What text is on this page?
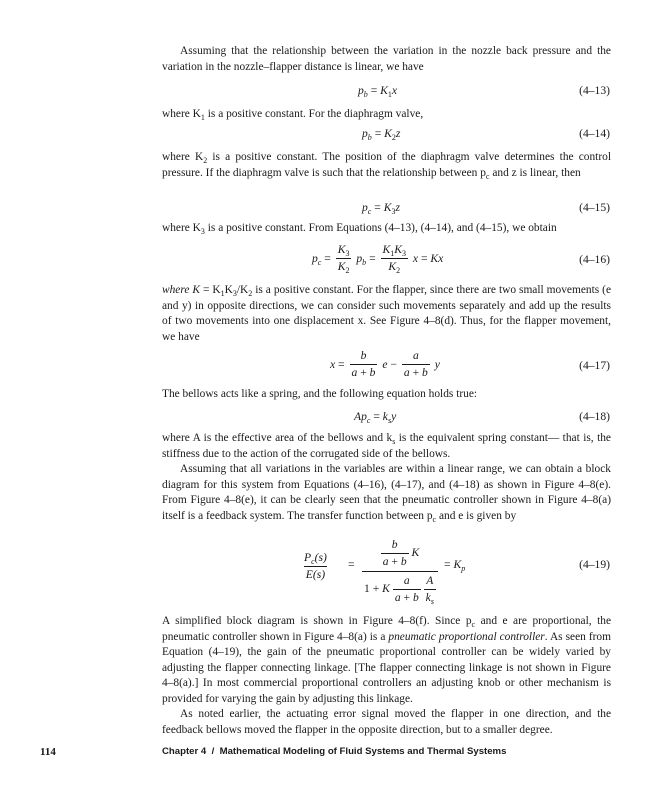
Assuming that the relationship between the variation in the nozzle back pressure and the variation in the nozzle–flapper distance is linear, we have
$p_b = K_1x$	(4–13)
where $K_1$ is a positive constant. For the diaphragm valve,
$p_b = K_2z$	(4–14)
where $K_2$ is a positive constant. The position of the diaphragm valve determines the control pressure. If the diaphragm valve is such that the relationship between $p_c$ and z is linear, then
$p_c = K_3z$	(4–15)
where $K_3$ is a positive constant. From Equations (4–13), (4–14), and (4–15), we obtain
$p_c = \frac{K_3}{K_2} p_b = \frac{K_1K_3}{K_2}$ x = Kx	(4–16)
where $K = K_1K_3/K_2$ is a positive constant. For the flapper, since there are two small movements (e and y) in opposite directions, we can consider such movements separately and add up the results of two movements into one displacement x. See Figure 4–8(d). Thus, for the flapper movement, we have
$x = \frac{b}{a + b}$ $e - \frac{a}{a + b}$ y	(4–17)
The bellows acts like a spring, and the following equation holds true:
$Ap_c = k_sy$	(4–18)
where A is the effective area of the bellows and $k_s$ is the equivalent spring constant— that is, the stiffness due to the action of the corrugated side of the bellows.
Assuming that all variations in the variables are within a linear range, we can obtain a block diagram for this system from Equations (4–16), (4–17), and (4–18) as shown in Figure 4–8(e). From Figure 4–8(e), it can be clearly seen that the pneumatic controller shown in Figure 4–8(a) itself is a feedback system. The transfer function between $p_c$ and e is given by
$P_c(s)$
E(s)
= $\frac{b}{a + b}$ K
1 + K $\frac{a}{a + b}$
$\frac{A}{k_s}$
= $K_p$	(4–19)
A simplified block diagram is shown in Figure 4–8(f). Since $p_c$ and e are proportional, the pneumatic controller shown in Figure 4–8(a) is a pneumatic proportional controller. As seen from Equation (4–19), the gain of the pneumatic proportional controller can be widely varied by adjusting the flapper connecting linkage. [The flapper connecting linkage is not shown in Figure 4–8(a).] In most commercial proportional controllers an adjusting knob or other mechanism is provided for varying the gain by adjusting this linkage.
As noted earlier, the actuating error signal moved the flapper in one direction, and the feedback bellows moved the flapper in the opposite direction, but to a smaller degree.
114	Chapter 4 / Mathematical Modeling of Fluid Systems and Thermal Systems
